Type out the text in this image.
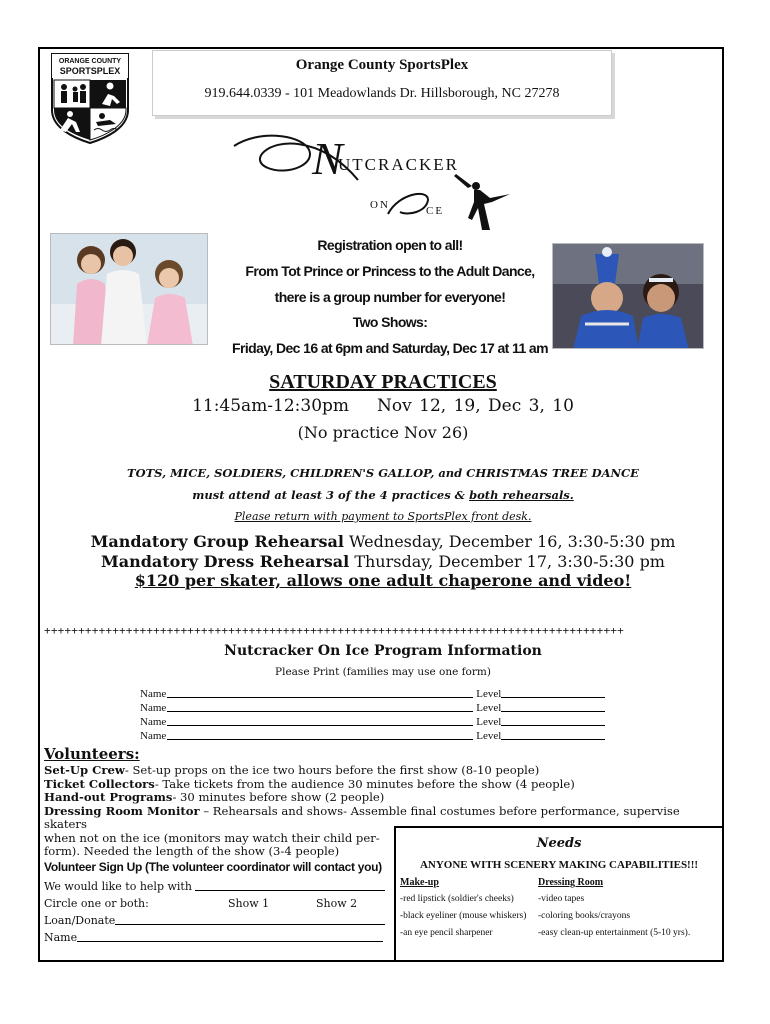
ORANGE COUNTY
SPORTSPLEX	Orange County SportsPlex
919.644.0339 - 101 Meadowlands Dr. Hillsborough, NC 27278
N
UTCRACKER
ON	CE
Registration open to all!
From Tot Prince or Princess to the Adult Dance,
there is a group number for everyone!
Two Shows:
Friday, Dec 16 at 6pm and Saturday, Dec 17 at 11 am
SATURDAY PRACTICES
11:45am-12:30pm Nov 12, 19, Dec 3, 10
(No practice Nov 26)
TOTS, MICE, SOLDIERS, CHILDREN'S GALLOP, and CHRISTMAS TREE DANCE
must attend at least 3 of the 4 practices & both rehearsals.
Please return with payment to SportsPlex front desk.
Mandatory Group Rehearsal Wednesday, December 16, 3:30-5:30 pm
Mandatory Dress Rehearsal Thursday, December 17, 3:30-5:30 pm
$120 per skater, allows one adult chaperone and video!
+++++++++++++++++++++++++++++++++++++++++++++++++++++++++++++++++++++++++++++++++++++
Nutcracker On Ice Program Information
Please Print (families may use one form)
Name	Level
Name	Level
Name	Level
Name	Level
Volunteers:
Set-Up Crew- Set-up props on the ice two hours before the first show (8-10 people)
Ticket Collectors- Take tickets from the audience 30 minutes before the show (4 people)
Hand-out Programs- 30 minutes before show (2 people)
Dressing Room Monitor – Rehearsals and shows- Assemble final costumes before performance, supervise skaters
when not on the ice (monitors may watch their child per-
form). Needed the length of the show (3-4 people)
Volunteer Sign Up (The volunteer coordinator will contact you)
We would like to help with

Circle one or both:	Show 1	Show 2
Loan/Donate
Name
Needs
ANYONE WITH SCENERY MAKING CAPABILITIES!!!
Make-up	Dressing Room
-red lipstick (soldier's cheeks)	-video tapes
-black eyeliner (mouse whiskers) -coloring books/crayons
-an eye pencil sharpener	-easy clean-up entertainment (5-10 yrs).
